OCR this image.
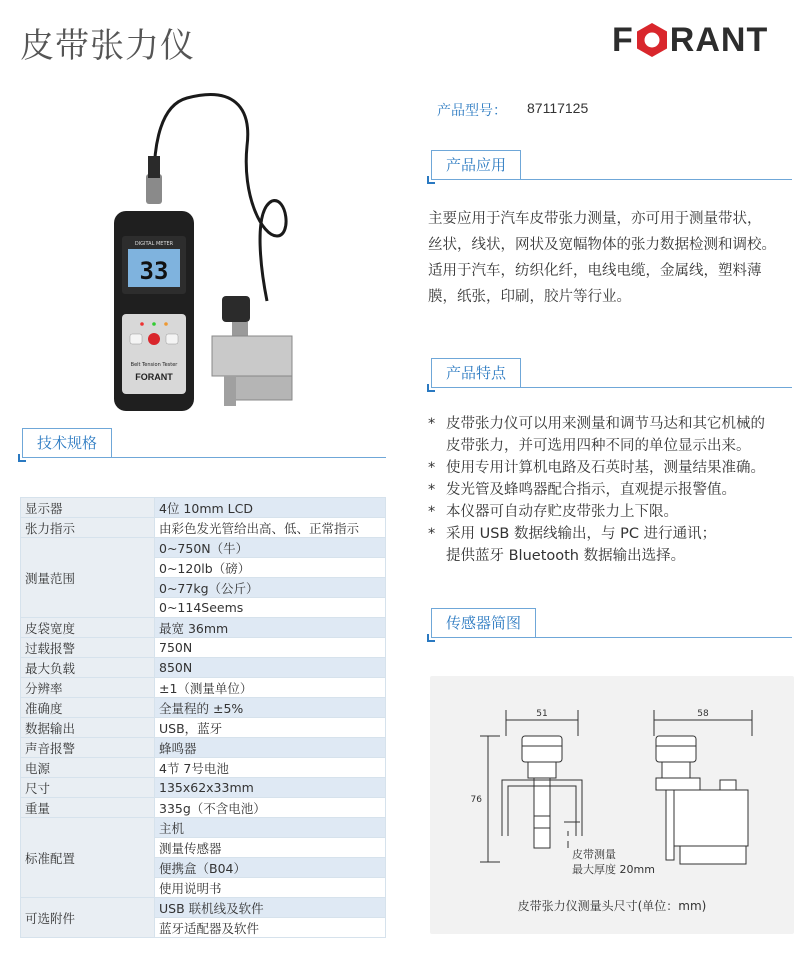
皮带张力仪	F RANT
产品型号： 87117125
DIGITAL METER
33
Belt Tension Tester
FORANT
产品应用
主要应用于汽车皮带张力测量，亦可用于测量带状，
丝状，线状，网状及宽幅物体的张力数据检测和调校。
适用于汽车，纺织化纤，电线电缆，金属线，塑料薄
膜，纸张，印刷，胶片等行业。
产品特点
* 皮带张力仪可以用来测量和调节马达和其它机械的
皮带张力，并可选用四种不同的单位显示出来。
* 使用专用计算机电路及石英时基，测量结果准确。
* 发光管及蜂鸣器配合指示，直观提示报警值。
* 本仪器可自动存贮皮带张力上下限。
* 采用 USB 数据线输出，与 PC 进行通讯；
提供蓝牙 Bluetooth 数据输出选择。
技术规格
显示器	4位 10mm LCD
张力指示	由彩色发光管给出高、低、正常指示
测量范围	0~750N（牛）
	0~120lb（磅）
	0~77kg（公斤）
	0~114Seems
皮袋宽度	最宽 36mm
过载报警	750N
最大负载	850N
分辨率	±1（测量单位）
准确度	全量程的 ±5%
数据输出	USB，蓝牙
声音报警	蜂鸣器
电源	4节 7号电池
尺寸	135x62x33mm
重量	335g（不含电池）
标准配置	主机
	测量传感器
	便携盒（B04）
	使用说明书
可选附件	USB 联机线及软件
	蓝牙适配器及软件
传感器简图
51	58
76
皮带测量
最大厚度 20mm
皮带张力仪测量头尺寸(单位：mm)
